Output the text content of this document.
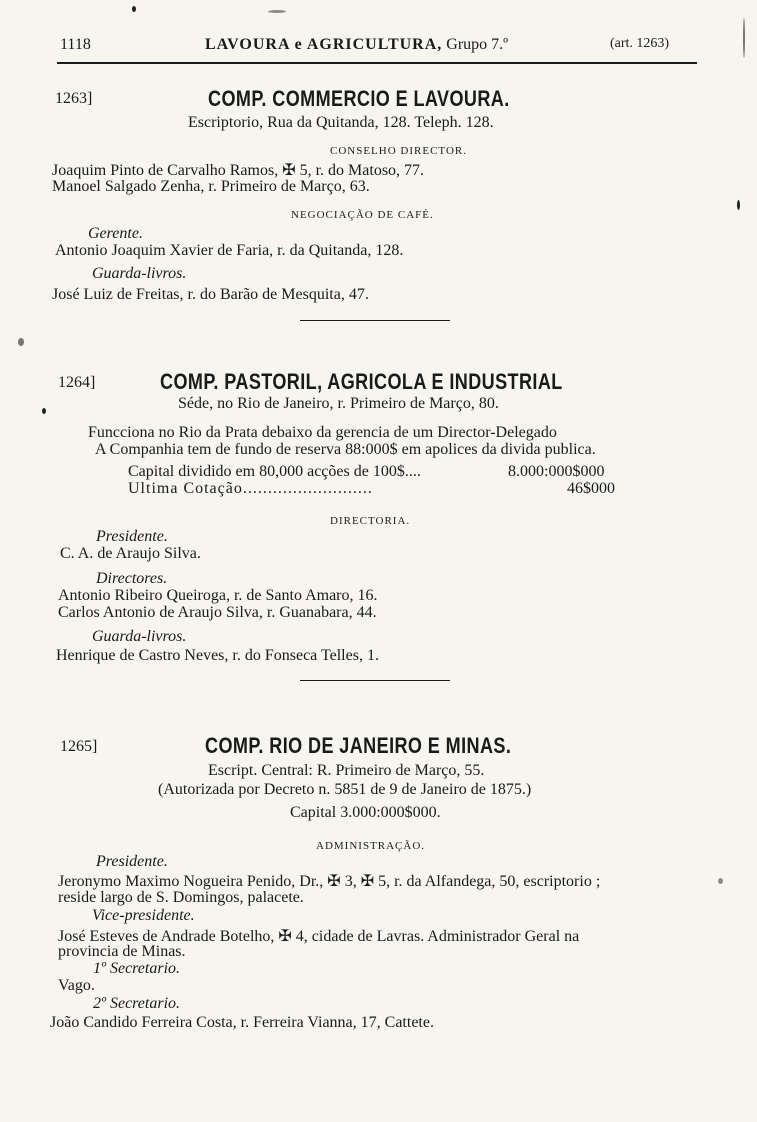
1118	LAVOURA e AGRICULTURA, Grupo 7.º	(art. 1263)
1263]	COMP. COMMERCIO E LAVOURA.
Escriptorio, Rua da Quitanda, 128. Teleph. 128.
CONSELHO DIRECTOR.
Joaquim Pinto de Carvalho Ramos, ✠ 5, r. do Matoso, 77.
Manoel Salgado Zenha, r. Primeiro de Março, 63.
NEGOCIAÇÃO DE CAFÉ.
Gerente.
Antonio Joaquim Xavier de Faria, r. da Quitanda, 128.
Guarda-livros.
José Luiz de Freitas, r. do Barão de Mesquita, 47.
1264]	COMP. PASTORIL, AGRICOLA E INDUSTRIAL
Séde, no Rio de Janeiro, r. Primeiro de Março, 80.
Funcciona no Rio da Prata debaixo da gerencia de um Director-Delegado
A Companhia tem de fundo de reserva 88:000$ em apolices da divida publica.
Capital dividido em 80,000 acções de 100$....	8.000:000$000
Ultima Cotação..........................	46$000
DIRECTORIA.
Presidente.
C. A. de Araujo Silva.
Directores.
Antonio Ribeiro Queiroga, r. de Santo Amaro, 16.
Carlos Antonio de Araujo Silva, r. Guanabara, 44.
Guarda-livros.
Henrique de Castro Neves, r. do Fonseca Telles, 1.
1265]	COMP. RIO DE JANEIRO E MINAS.
Escript. Central: R. Primeiro de Março, 55.
(Autorizada por Decreto n. 5851 de 9 de Janeiro de 1875.)
Capital 3.000:000$000.
ADMINISTRAÇÃO.
Presidente.
Jeronymo Maximo Nogueira Penido, Dr., ✠ 3, ✠ 5, r. da Alfandega, 50, escriptorio ;
reside largo de S. Domingos, palacete.
Vice-presidente.
José Esteves de Andrade Botelho, ✠ 4, cidade de Lavras. Administrador Geral na
provincia de Minas.
1º Secretario.
Vago.
2º Secretario.
João Candido Ferreira Costa, r. Ferreira Vianna, 17, Cattete.
